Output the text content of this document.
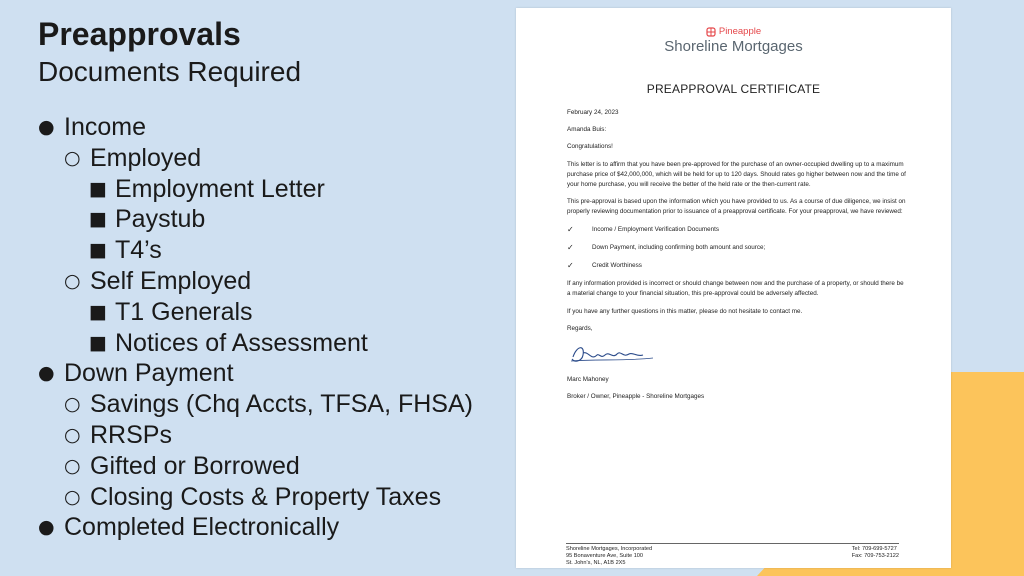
Preapprovals
Documents Required
● Income
○ Employed
■ Employment Letter
■ Paystub
■ T4’s
○ Self Employed
■ T1 Generals
■ Notices of Assessment
● Down Payment
○ Savings (Chq Accts, TFSA, FHSA)
○ RRSPs
○ Gifted or Borrowed
○ Closing Costs & Property Taxes
● Completed Electronically
Pineapple
Shoreline Mortgages
PREAPPROVAL CERTIFICATE

February 24, 2023

Amanda Buis:

Congratulations!

This letter is to affirm that you have been pre-approved for the purchase of an owner-occupied dwelling up to a maximum purchase price of $42,000,000, which will be held for up to 120 days. Should rates go higher between now and the time of your home purchase, you will receive the better of the held rate or the then-current rate.

This pre-approval is based upon the information which you have provided to us. As a course of due diligence, we insist on properly reviewing documentation prior to issuance of a preapproval certificate. For your preapproval, we have reviewed:

✓	Income / Employment Verification Documents
✓	Down Payment, including confirming both amount and source;
✓	Credit Worthiness

If any information provided is incorrect or should change between now and the purchase of a property, or should there be a material change to your financial situation, this pre-approval could be adversely affected.

If you have any further questions in this matter, please do not hesitate to contact me.

Regards,

Marc Mahoney

Broker / Owner, Pineapple - Shoreline Mortgages

Shoreline Mortgages, Incorporated
95 Bonaventure Ave, Suite 100
St. John's, NL, A1B 2X5
Tel: 709-699-5727
Fax: 709-753-2122
